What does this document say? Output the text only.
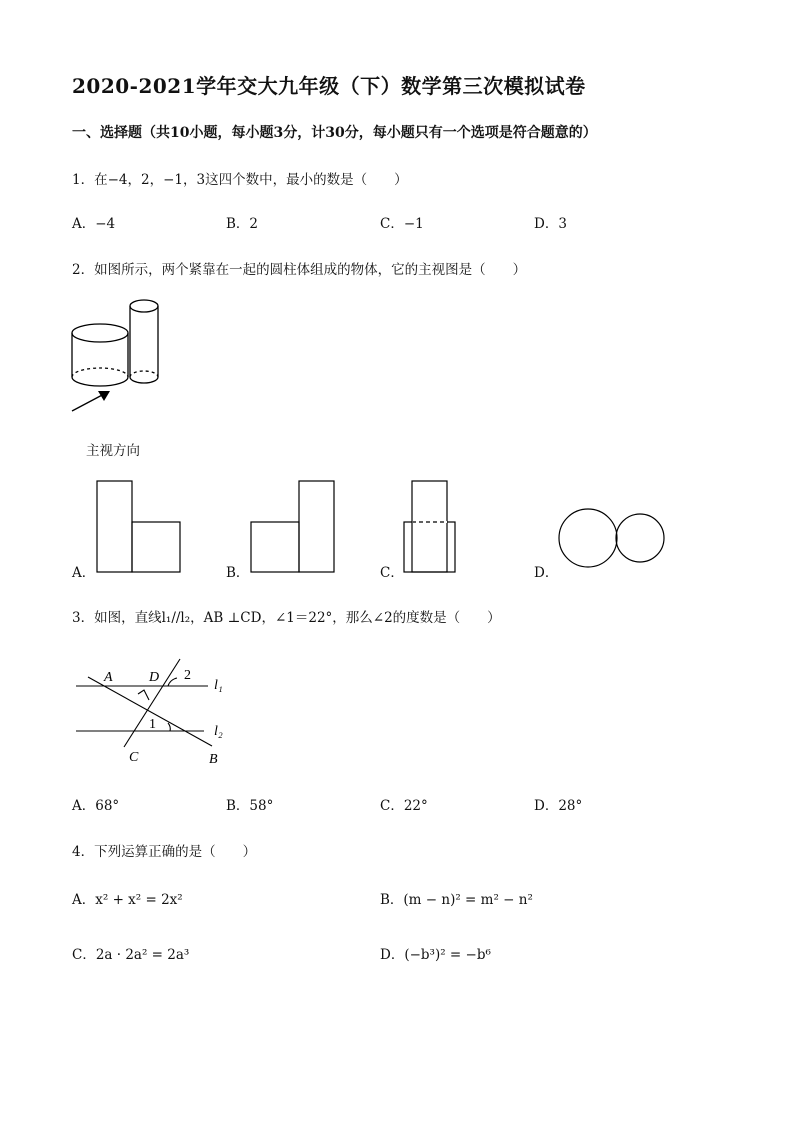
2020-2021学年交大九年级（下）数学第三次模拟试卷
一、选择题（共10小题，每小题3分，计30分，每小题只有一个选项是符合题意的）
1．在−4，2，−1，3这四个数中，最小的数是（　　）
A．−4	B．2	C．−1	D．3
2．如图所示，两个紧靠在一起的圆柱体组成的物体，它的主视图是（　　）
主视方向
A．	B．	C．	D．
3．如图，直线l₁//l₂，AB ⊥CD，∠1＝22°，那么∠2的度数是（　　）
A	D
C	B
l₁
l₂
2
1
A．68°	B．58°	C．22°	D．28°
4．下列运算正确的是（　　）
A．x² + x² = 2x²	B．(m − n)² = m² − n²
C．2a · 2a² = 2a³	D．(−b³)² = −b⁶
